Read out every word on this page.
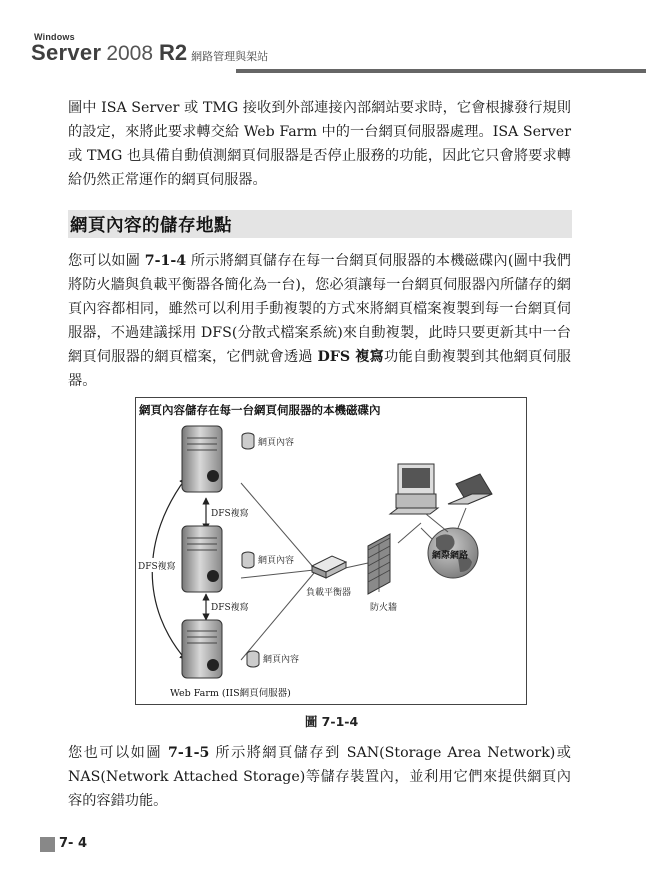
Windows
Server 2008 R2 網路管理與架站

圖中 ISA Server 或 TMG 接收到外部連接內部網站要求時，它會根據發行規則的設定，來將此要求轉交給 Web Farm 中的一台網頁伺服器處理。ISA Server 或 TMG 也具備自動偵測網頁伺服器是否停止服務的功能，因此它只會將要求轉給仍然正常運作的網頁伺服器。

網頁內容的儲存地點

您可以如圖 7-1-4 所示將網頁儲存在每一台網頁伺服器的本機磁碟內(圖中我們將防火牆與負載平衡器各簡化為一台)，您必須讓每一台網頁伺服器內所儲存的網頁內容都相同，雖然可以利用手動複製的方式來將網頁檔案複製到每一台網頁伺服器，不過建議採用 DFS(分散式檔案系統)來自動複製，此時只要更新其中一台網頁伺服器的網頁檔案，它們就會透過 DFS 複寫功能自動複製到其他網頁伺服器。

網頁內容儲存在每一台網頁伺服器的本機磁碟內
DFS複寫
DFS複寫
DFS複寫
網頁內容
網頁內容
網頁內容
負載平衡器
防火牆
網際網路
Web Farm (IIS網頁伺服器)
圖 7-1-4

您也可以如圖 7-1-5 所示將網頁儲存到 SAN(Storage Area Network)或 NAS(Network Attached Storage)等儲存裝置內，並利用它們來提供網頁內容的容錯功能。

7- 4
